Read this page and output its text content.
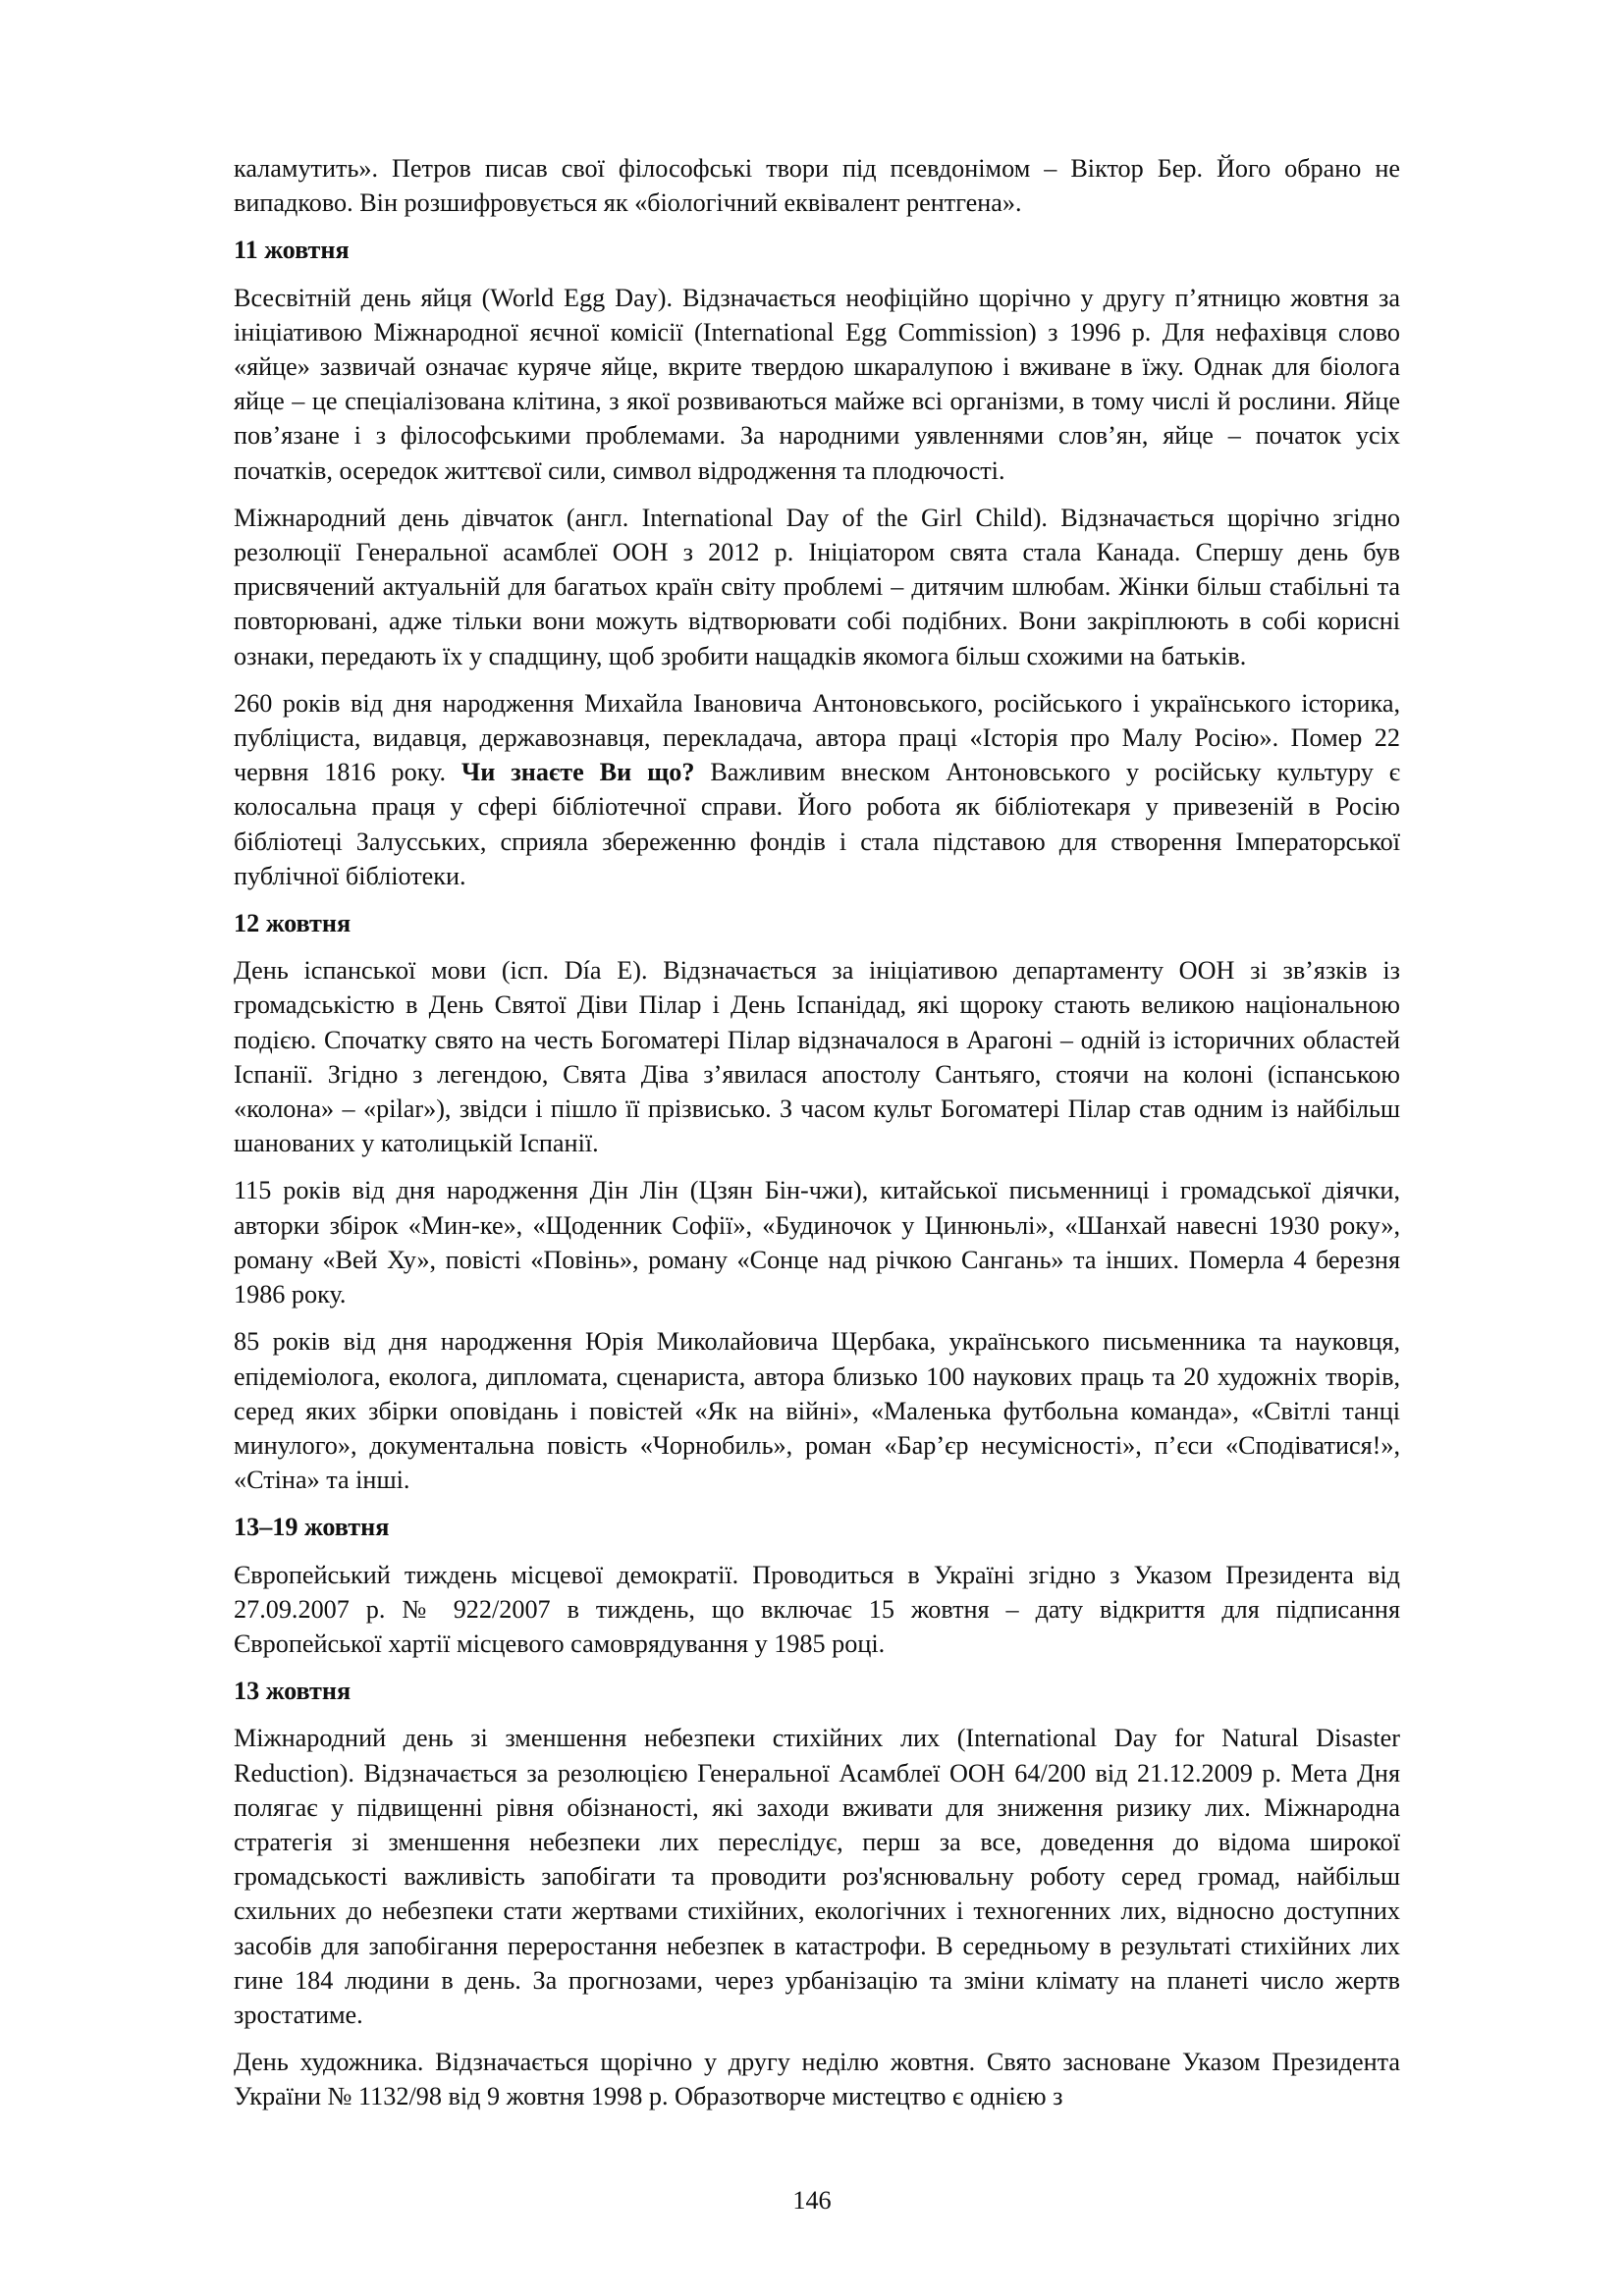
каламутить». Петров писав свої філософські твори під псевдонімом – Віктор Бер. Його обрано не випадково. Він розшифровується як «біологічний еквівалент рентгена».

11 жовтня

Всесвітній день яйця (World Egg Day). Відзначається неофіційно щорічно у другу п’ятницю жовтня за ініціативою Міжнародної яєчної комісії (International Egg Commission) з 1996 р. Для нефахівця слово «яйце» зазвичай означає куряче яйце, вкрите твердою шкаралупою і вживане в їжу. Однак для біолога яйце – це спеціалізована клітина, з якої розвиваються майже всі організми, в тому числі й рослини. Яйце пов’язане і з філософськими проблемами. За народними уявленнями слов’ян, яйце – початок усіх початків, осередок життєвої сили, символ відродження та плодючості.

Міжнародний день дівчаток (англ. International Day of the Girl Child). Відзначається щорічно згідно резолюції Генеральної асамблеї ООН з 2012 р. Ініціатором свята стала Канада. Спершу день був присвячений актуальній для багатьох країн світу проблемі – дитячим шлюбам. Жінки більш стабільні та повторювані, адже тільки вони можуть відтворювати собі подібних. Вони закріплюють в собі корисні ознаки, передають їх у спадщину, щоб зробити нащадків якомога більш схожими на батьків.

260 років від дня народження Михайла Івановича Антоновського, російського і українського історика, публіциста, видавця, державознавця, перекладача, автора праці «Історія про Малу Росію». Помер 22 червня 1816 року. Чи знаєте Ви що? Важливим внеском Антоновського у російську культуру є колосальна праця у сфері бібліотечної справи. Його робота як бібліотекаря у привезеній в Росію бібліотеці Залусських, сприяла збереженню фондів і стала підставою для створення Імператорської публічної бібліотеки.

12 жовтня

День іспанської мови (ісп. Día E). Відзначається за ініціативою департаменту ООН зі зв’язків із громадськістю в День Святої Діви Пілар і День Іспанідад, які щороку стають великою національною подією. Спочатку свято на честь Богоматері Пілар відзначалося в Арагоні – одній із історичних областей Іспанії. Згідно з легендою, Свята Діва з’явилася апостолу Сантьяго, стоячи на колоні (іспанською «колона» – «pilar»), звідси і пішло її прізвисько. З часом культ Богоматері Пілар став одним із найбільш шанованих у католицькій Іспанії.

115 років від дня народження Дін Лін (Цзян Бін-чжи), китайської письменниці і громадської діячки, авторки збірок «Мин-ке», «Щоденник Софії», «Будиночок у Цинюньлі», «Шанхай навесні 1930 року», роману «Вей Ху», повісті «Повінь», роману «Сонце над річкою Сангань» та інших. Померла 4 березня 1986 року.

85 років від дня народження Юрія Миколайовича Щербака, українського письменника та науковця, епідеміолога, еколога, дипломата, сценариста, автора близько 100 наукових праць та 20 художніх творів, серед яких збірки оповідань і повістей «Як на війні», «Маленька футбольна команда», «Світлі танці минулого», документальна повість «Чорнобиль», роман «Бар’єр несумісності», п’єси «Сподіватися!», «Стіна» та інші.

13–19 жовтня

Європейський тиждень місцевої демократії. Проводиться в Україні згідно з Указом Президента від 27.09.2007 р. № 922/2007 в тиждень, що включає 15 жовтня – дату відкриття для підписання Європейської хартії місцевого самоврядування у 1985 році.

13 жовтня

Міжнародний день зі зменшення небезпеки стихійних лих (International Day for Natural Disaster Reduction). Відзначається за резолюцією Генеральної Асамблеї ООН 64/200 від 21.12.2009 р. Мета Дня полягає у підвищенні рівня обізнаності, які заходи вживати для зниження ризику лих. Міжнародна стратегія зі зменшення небезпеки лих переслідує, перш за все, доведення до відома широкої громадськості важливість запобігати та проводити роз'яснювальну роботу серед громад, найбільш схильних до небезпеки стати жертвами стихійних, екологічних і техногенних лих, відносно доступних засобів для запобігання переростання небезпек в катастрофи. В середньому в результаті стихійних лих гине 184 людини в день. За прогнозами, через урбанізацію та зміни клімату на планеті число жертв зростатиме.

День художника. Відзначається щорічно у другу неділю жовтня. Свято засноване Указом Президента України № 1132/98 від 9 жовтня 1998 р. Образотворче мистецтво є однією з

146
